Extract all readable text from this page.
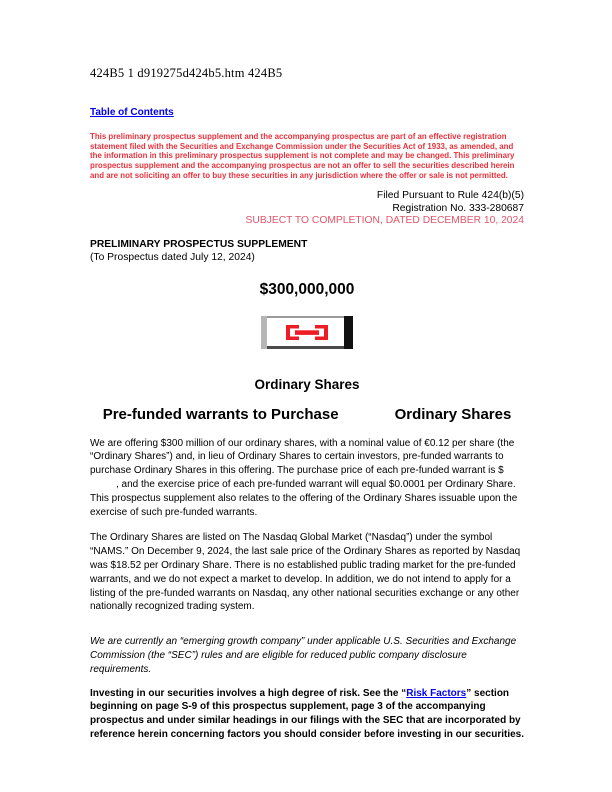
424B5 1 d919275d424b5.htm 424B5
Table of Contents

This preliminary prospectus supplement and the accompanying prospectus are part of an effective registration statement filed with the Securities and Exchange Commission under the Securities Act of 1933, as amended, and the information in this preliminary prospectus supplement is not complete and may be changed. This preliminary prospectus supplement and the accompanying prospectus are not an offer to sell the securities described herein and are not soliciting an offer to buy these securities in any jurisdiction where the offer or sale is not permitted.

Filed Pursuant to Rule 424(b)(5)
Registration No. 333-280687
SUBJECT TO COMPLETION, DATED DECEMBER 10, 2024
PRELIMINARY PROSPECTUS SUPPLEMENT
(To Prospectus dated July 12, 2024)
$300,000,000
Ordinary Shares
Pre-funded warrants to Purchase	Ordinary Shares

We are offering $300 million of our ordinary shares, with a nominal value of €0.12 per share (the “Ordinary Shares”) and, in lieu of Ordinary Shares to certain investors, pre-funded warrants to purchase Ordinary Shares in this offering. The purchase price of each pre-funded warrant is $, and the exercise price of each pre-funded warrant will equal $0.0001 per Ordinary Share. This prospectus supplement also relates to the offering of the Ordinary Shares issuable upon the exercise of such pre-funded warrants.

The Ordinary Shares are listed on The Nasdaq Global Market (“Nasdaq”) under the symbol “NAMS.” On December 9, 2024, the last sale price of the Ordinary Shares as reported by Nasdaq was $18.52 per Ordinary Share. There is no established public trading market for the pre-funded warrants, and we do not expect a market to develop. In addition, we do not intend to apply for a listing of the pre-funded warrants on Nasdaq, any other national securities exchange or any other nationally recognized trading system.

We are currently an “emerging growth company” under applicable U.S. Securities and Exchange Commission (the “SEC”) rules and are eligible for reduced public company disclosure requirements.

Investing in our securities involves a high degree of risk. See the “Risk Factors” section beginning on page S-9 of this prospectus supplement, page 3 of the accompanying prospectus and under similar headings in our filings with the SEC that are incorporated by reference herein concerning factors you should consider before investing in our securities.
